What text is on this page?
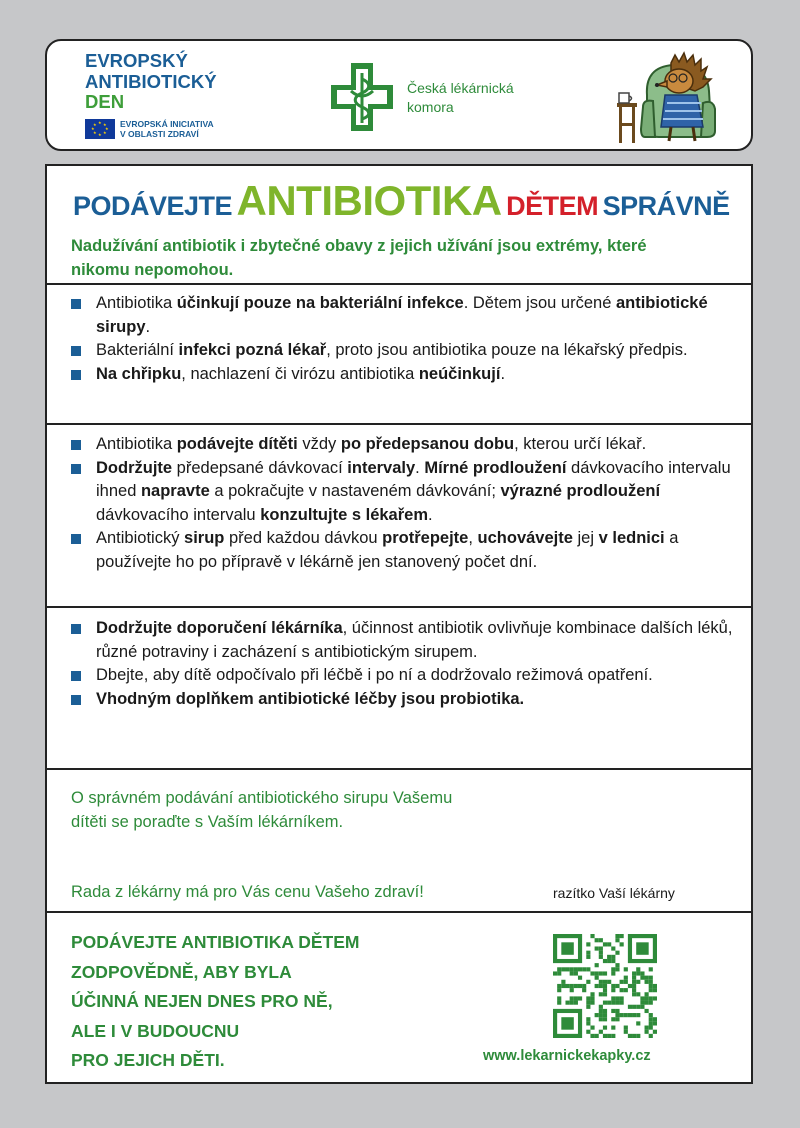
EVROPSKÝ
ANTIBIOTICKÝ
DEN
★ ★
★
★
★
★
★
★	EVROPSKÁ INICIATIVA
V OBLASTI ZDRAVÍ
Česká lékárnická
komora
PODÁVEJTE ANTIBIOTIKA DĚTEM SPRÁVNĚ
Nadužívání antibiotik i zbytečné obavy z jejich užívání jsou extrémy, které nikomu nepomohou.
Antibiotika účinkují pouze na bakteriální infekce. Dětem jsou určené antibiotické sirupy.
Bakteriální infekci pozná lékař, proto jsou antibiotika pouze na lékařský předpis.
Na chřipku, nachlazení či virózu antibiotika neúčinkují.
Antibiotika podávejte dítěti vždy po předepsanou dobu, kterou určí lékař.
Dodržujte předepsané dávkovací intervaly. Mírné prodloužení dávkovacího intervalu ihned napravte a pokračujte v nastaveném dávkování; výrazné prodloužení dávkovacího intervalu konzultujte s lékařem.
Antibiotický sirup před každou dávkou protřepejte, uchovávejte jej v lednici a používejte ho po přípravě v lékárně jen stanovený počet dní.
Dodržujte doporučení lékárníka, účinnost antibiotik ovlivňuje kombinace dalších léků, různé potraviny i zacházení s antibiotickým sirupem.
Dbejte, aby dítě odpočívalo při léčbě i po ní a dodržovalo režimová opatření.
Vhodným doplňkem antibiotické léčby jsou probiotika.
O správném podávání antibiotického sirupu Vašemu dítěti se poraďte s Vaším lékárníkem.
Rada z lékárny má pro Vás cenu Vašeho zdraví!	razítko Vaší lékárny
PODÁVEJTE ANTIBIOTIKA DĚTEM
ZODPOVĚDNĚ, ABY BYLA
ÚČINNÁ NEJEN DNES PRO NĚ,
ALE I V BUDOUCNU
PRO JEJICH DĚTI.	www.lekarnickekapky.cz
